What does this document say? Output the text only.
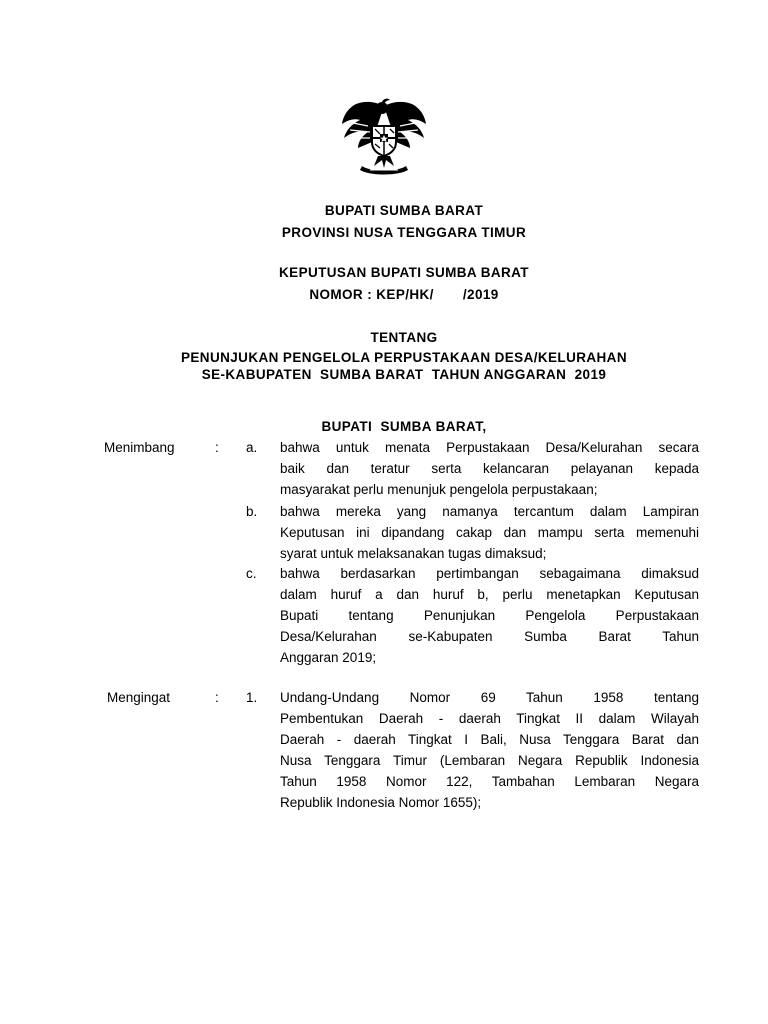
BUPATI SUMBA BARAT
PROVINSI NUSA TENGGARA TIMUR
KEPUTUSAN BUPATI SUMBA BARAT
NOMOR : KEP/HK/       /2019
TENTANG
PENUNJUKAN PENGELOLA PERPUSTAKAAN DESA/KELURAHAN
SE-KABUPATEN  SUMBA BARAT  TAHUN ANGGARAN  2019
BUPATI  SUMBA BARAT,
Menimbang	: a. bahwa untuk menata Perpustakaan Desa/Kelurahan secara
baik dan teratur serta kelancaran pelayanan kepada
masyarakat perlu menunjuk pengelola perpustakaan;
b. bahwa mereka yang namanya tercantum dalam Lampiran
Keputusan ini dipandang cakap dan mampu serta memenuhi
syarat untuk melaksanakan tugas dimaksud;
c. bahwa berdasarkan pertimbangan sebagaimana dimaksud
dalam huruf a dan huruf b, perlu menetapkan Keputusan
Bupati tentang Penunjukan Pengelola Perpustakaan
Desa/Kelurahan se-Kabupaten Sumba Barat Tahun
Anggaran 2019;
Mengingat	: 1. Undang-Undang Nomor 69 Tahun 1958 tentang
Pembentukan Daerah - daerah Tingkat II dalam Wilayah
Daerah - daerah Tingkat I Bali, Nusa Tenggara Barat dan
Nusa Tenggara Timur (Lembaran Negara Republik Indonesia
Tahun 1958 Nomor 122, Tambahan Lembaran Negara
Republik Indonesia Nomor 1655);
